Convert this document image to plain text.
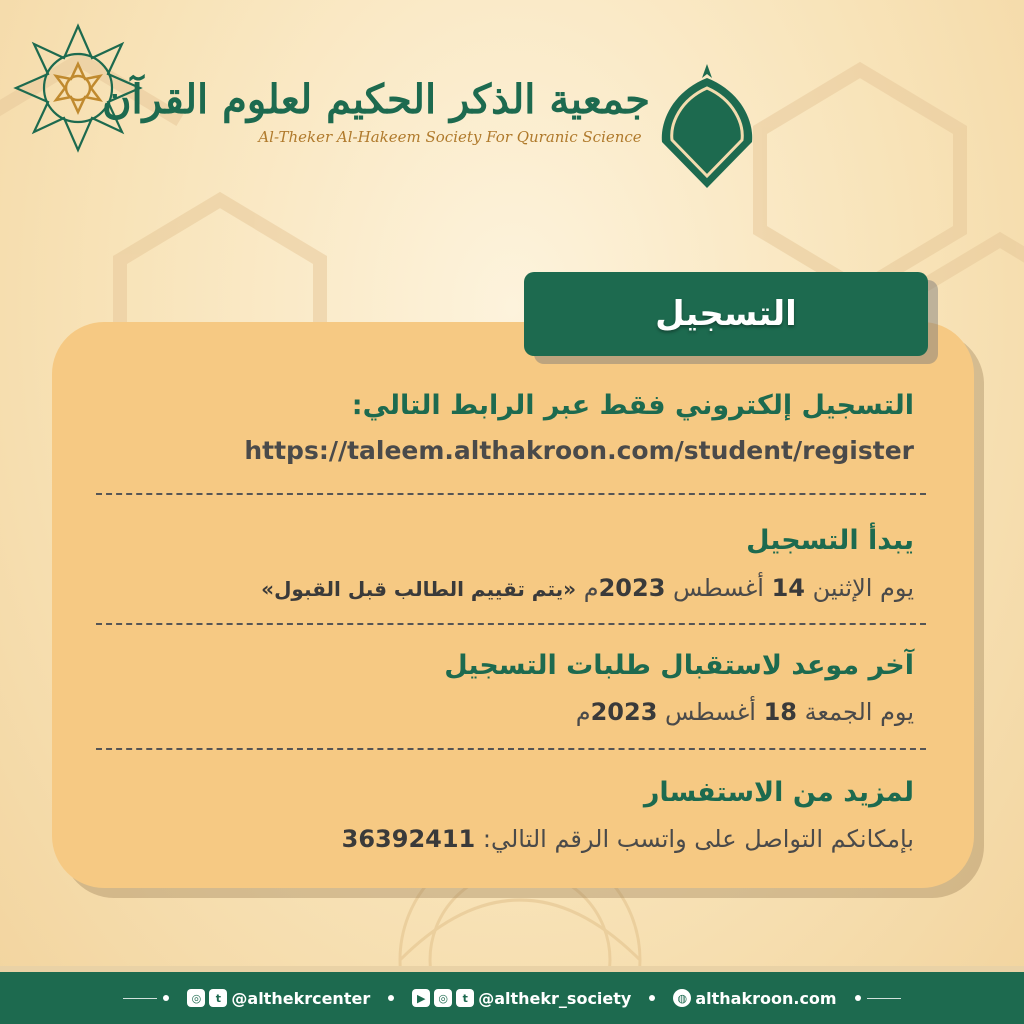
جمعية الذكر الحكيم لعلوم القرآن
Al-Theker Al-Hakeem Society For Quranic Science
التسجيل
التسجيل إلكتروني فقط عبر الرابط التالي:
https://taleem.althakroon.com/student/register
يبدأ التسجيل
يوم الإثنين 14 أغسطس 2023م «يتم تقييم الطالب قبل القبول»
آخر موعد لاستقبال طلبات التسجيل
يوم الجمعة 18 أغسطس 2023م
لمزيد من الاستفسار
بإمكانكم التواصل على واتسب الرقم التالي: 36392411
◎	t @althekrcenter	▶	◎	t @althekr_society	◍ althakroon.com
